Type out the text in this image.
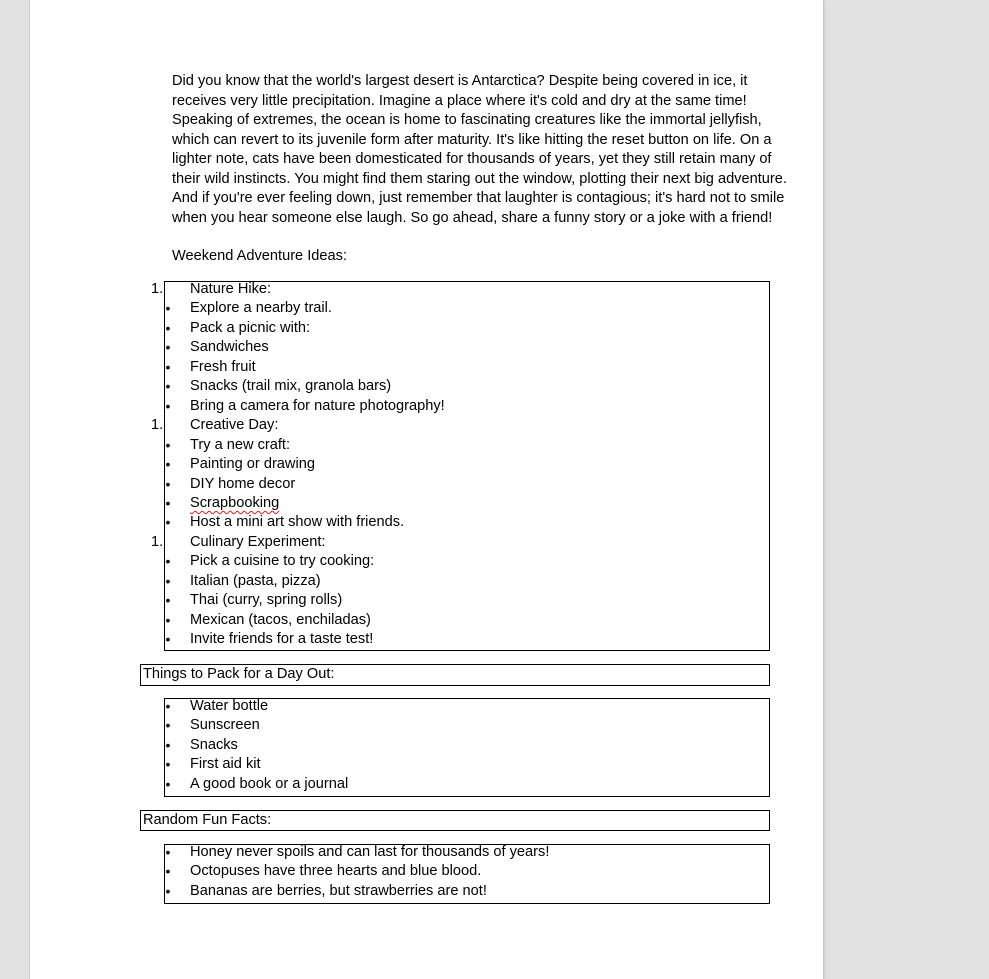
Did you know that the world's largest desert is Antarctica? Despite being covered in ice, it
receives very little precipitation. Imagine a place where it's cold and dry at the same time!
Speaking of extremes, the ocean is home to fascinating creatures like the immortal jellyfish,
which can revert to its juvenile form after maturity. It's like hitting the reset button on life. On a
lighter note, cats have been domesticated for thousands of years, yet they still retain many of
their wild instincts. You might find them staring out the window, plotting their next big adventure.
And if you're ever feeling down, just remember that laughter is contagious; it's hard not to smile
when you hear someone else laugh. So go ahead, share a funny story or a joke with a friend!

Weekend Adventure Ideas:
1. Nature Hike:
• Explore a nearby trail.
• Pack a picnic with:
• Sandwiches
• Fresh fruit
• Snacks (trail mix, granola bars)
• Bring a camera for nature photography!
1. Creative Day:
• Try a new craft:
• Painting or drawing
• DIY home decor
• Scrapbooking
• Host a mini art show with friends.
1. Culinary Experiment:
• Pick a cuisine to try cooking:
• Italian (pasta, pizza)
• Thai (curry, spring rolls)
• Mexican (tacos, enchiladas)
• Invite friends for a taste test!
Things to Pack for a Day Out:
• Water bottle
• Sunscreen
• Snacks
• First aid kit
• A good book or a journal
Random Fun Facts:
• Honey never spoils and can last for thousands of years!
• Octopuses have three hearts and blue blood.
• Bananas are berries, but strawberries are not!
